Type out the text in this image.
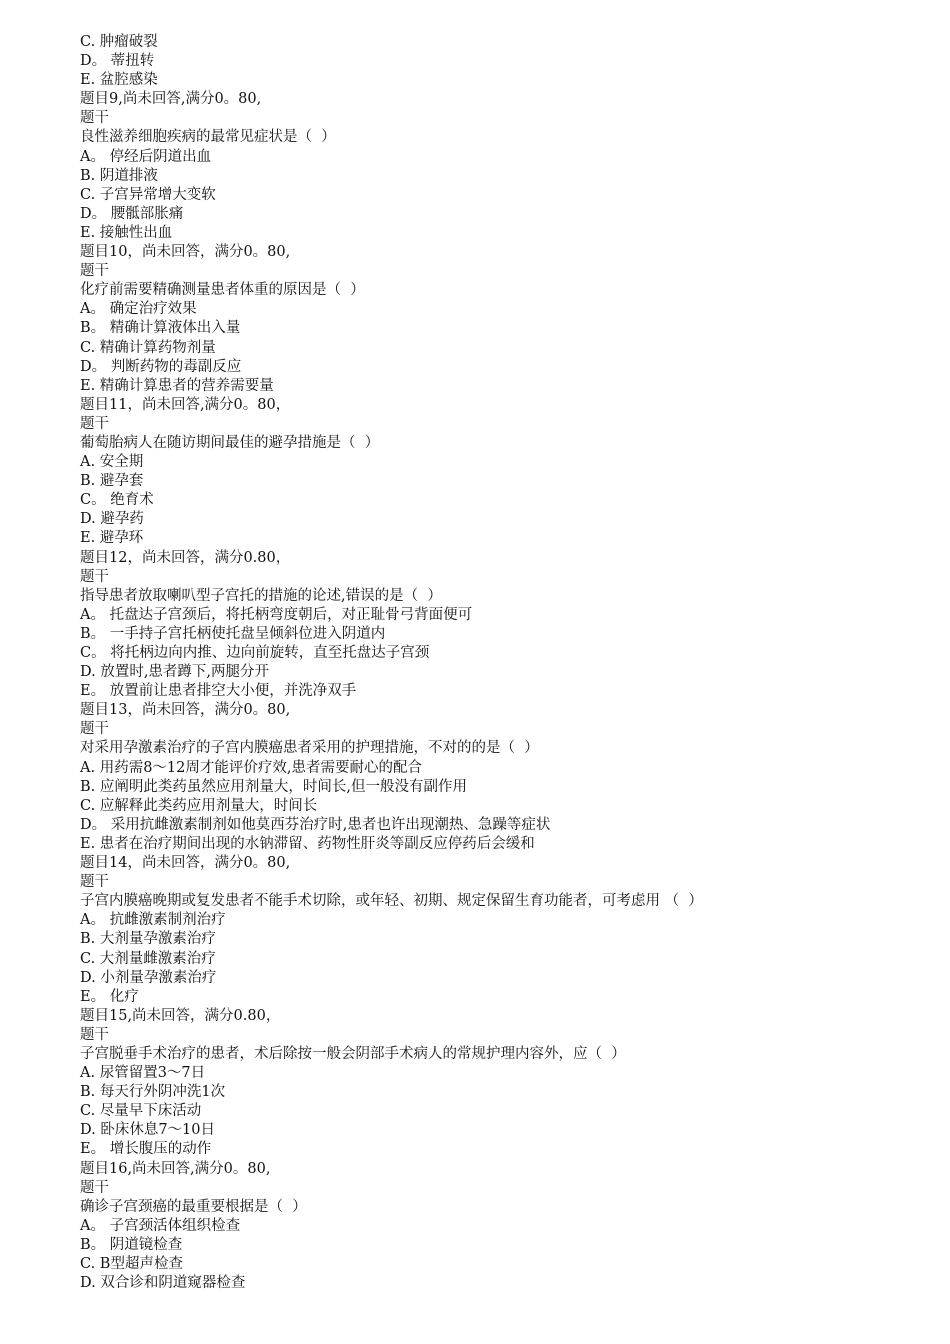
C. 肿瘤破裂
D。 蒂扭转
E. 盆腔感染
题目9,尚未回答,满分0。80,
题干
良性滋养细胞疾病的最常见症状是（  ）
A。 停经后阴道出血
B. 阴道排液
C. 子宫异常增大变软
D。 腰骶部胀痛
E. 接触性出血
题目10，尚未回答，满分0。80,
题干
化疗前需要精确测量患者体重的原因是（  ）
A。 确定治疗效果
B。 精确计算液体出入量
C. 精确计算药物剂量
D。 判断药物的毒副反应
E. 精确计算患者的营养需要量
题目11，尚未回答,满分0。80，
题干
葡萄胎病人在随访期间最佳的避孕措施是（  ）
A. 安全期
B. 避孕套
C。 绝育术
D. 避孕药
E. 避孕环
题目12，尚未回答，满分0.80，
题干
指导患者放取喇叭型子宫托的措施的论述,错误的是（  ）
A。 托盘达子宫颈后，将托柄弯度朝后，对正耻骨弓背面便可
B。 一手持子宫托柄使托盘呈倾斜位进入阴道内
C。 将托柄边向内推、边向前旋转，直至托盘达子宫颈
D. 放置时,患者蹲下,两腿分开
E。 放置前让患者排空大小便，并洗净双手
题目13，尚未回答，满分0。80,
题干
对采用孕激素治疗的子宫内膜癌患者采用的护理措施，不对的的是（  ）
A. 用药需8～12周才能评价疗效,患者需要耐心的配合
B. 应阐明此类药虽然应用剂量大，时间长,但一般没有副作用
C. 应解释此类药应用剂量大，时间长
D。 采用抗雌激素制剂如他莫西芬治疗时,患者也许出现潮热、急躁等症状
E. 患者在治疗期间出现的水钠滞留、药物性肝炎等副反应停药后会缓和
题目14，尚未回答，满分0。80,
题干
子宫内膜癌晚期或复发患者不能手术切除，或年轻、初期、规定保留生育功能者，可考虑用 （  ）
A。 抗雌激素制剂治疗
B. 大剂量孕激素治疗
C. 大剂量雌激素治疗
D. 小剂量孕激素治疗
E。 化疗
题目15,尚未回答，满分0.80，
题干
子宫脱垂手术治疗的患者，术后除按一般会阴部手术病人的常规护理内容外，应（  ）
A. 尿管留置3～7日
B. 每天行外阴冲洗1次
C. 尽量早下床活动
D. 卧床休息7～10日
E。 增长腹压的动作
题目16,尚未回答,满分0。80,
题干
确诊子宫颈癌的最重要根据是（  ）
A。 子宫颈活体组织检查
B。 阴道镜检查
C. B型超声检查
D. 双合诊和阴道窥器检查
